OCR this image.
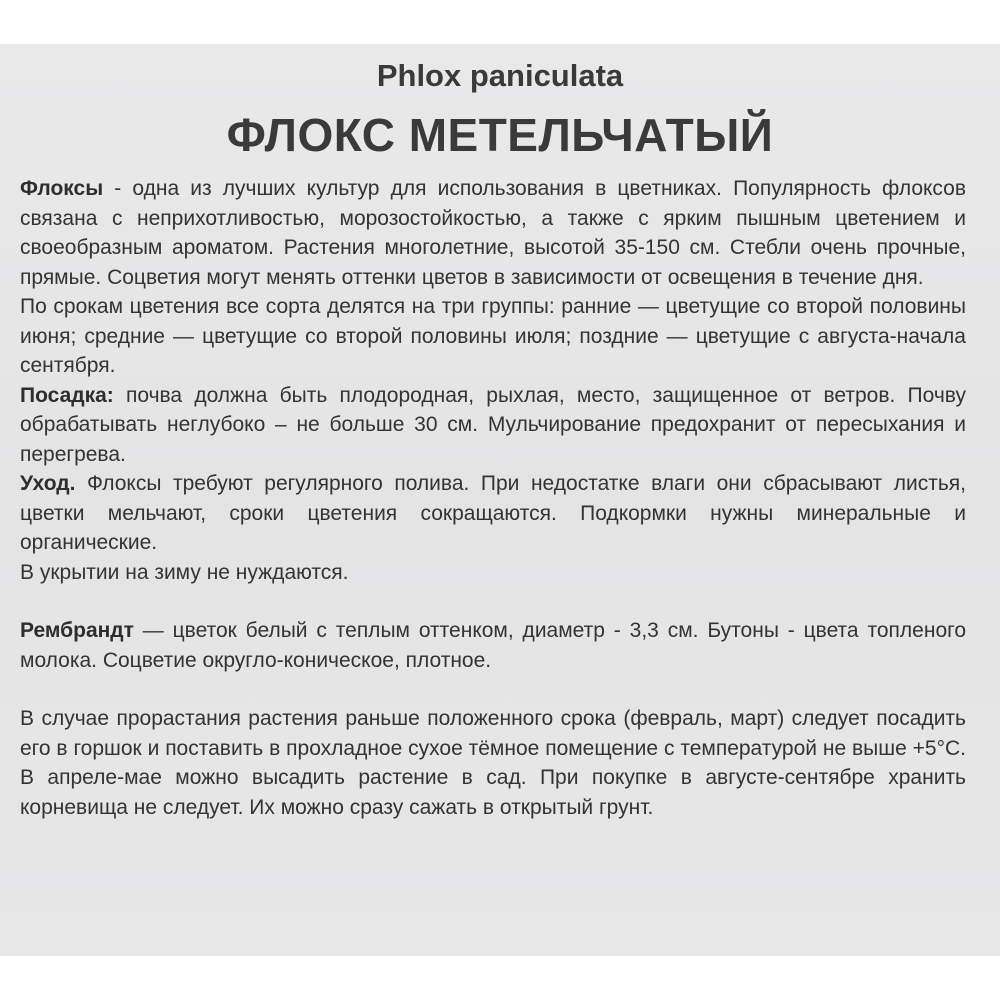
Phlox paniculata
ФЛОКС МЕТЕЛЬЧАТЫЙ

Флоксы - одна из лучших культур для использования в цветниках. Популярность флоксов связана с неприхотливостью, морозостойкостью, а также с ярким пышным цветением и своеобразным ароматом. Растения многолетние, высотой 35-150 см. Стебли очень прочные, прямые. Соцветия могут менять оттенки цветов в зависимости от освещения в течение дня.

По срокам цветения все сорта делятся на три группы: ранние — цветущие со второй половины июня; средние — цветущие со второй половины июля; поздние — цветущие с августа-начала сентября.

Посадка: почва должна быть плодородная, рыхлая, место, защищенное от ветров. Почву обрабатывать неглубоко – не больше 30 см. Мульчирование предохранит от пересыхания и перегрева.

Уход. Флоксы требуют регулярного полива. При недостатке влаги они сбрасывают листья, цветки мельчают, сроки цветения сокращаются. Подкормки нужны минеральные и органические.

В укрытии на зиму не нуждаются.

Рембрандт — цветок белый с теплым оттенком, диаметр - 3,3 см. Бутоны - цвета топленого молока. Соцветие округло-коническое, плотное.

В случае прорастания растения раньше положенного срока (февраль, март) следует посадить его в горшок и поставить в прохладное сухое тёмное помещение с температурой не выше +5°С. В апреле-мае можно высадить растение в сад. При покупке в августе-сентябре хранить корневища не следует. Их можно сразу сажать в открытый грунт.
